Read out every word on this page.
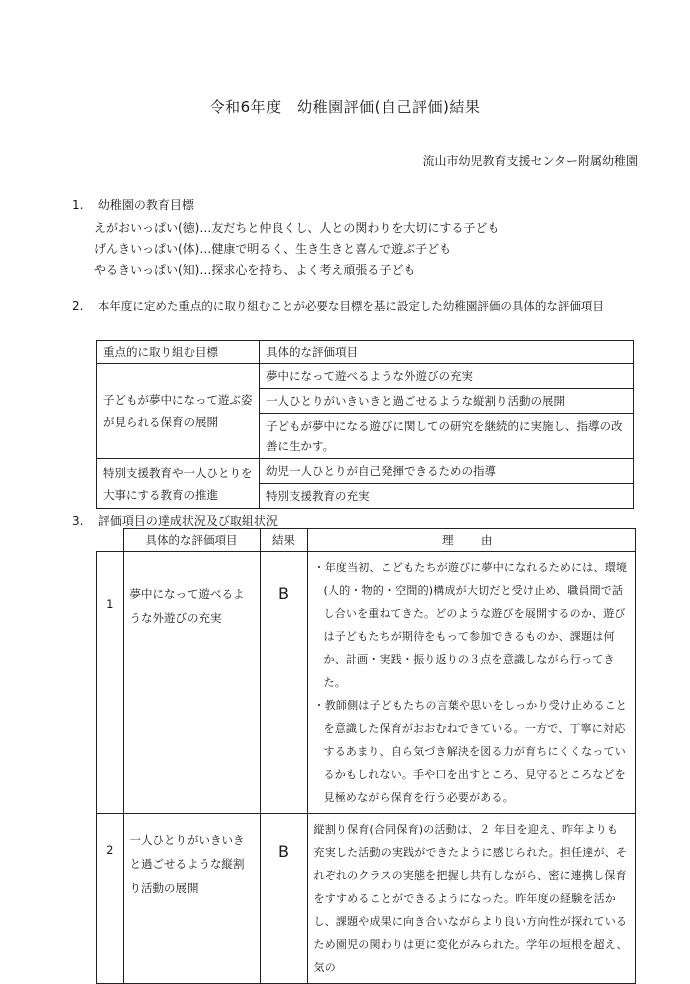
令和6年度　幼稚園評価(自己評価)結果
流山市幼児教育支援センター附属幼稚園
1. 幼稚園の教育目標
えがおいっぱい(徳)…友だちと仲良くし、人との関わりを大切にする子ども
げんきいっぱい(体)…健康で明るく、生き生きと喜んで遊ぶ子ども
やるきいっぱい(知)…探求心を持ち、よく考え頑張る子ども
2. 本年度に定めた重点的に取り組むことが必要な目標を基に設定した幼稚園評価の具体的な評価項目
重点的に取り組む目標	具体的な評価項目
子どもが夢中になって遊ぶ姿が見られる保育の展開	夢中になって遊べるような外遊びの充実
	一人ひとりがいきいきと過ごせるような縦割り活動の展開
	子どもが夢中になる遊びに関しての研究を継続的に実施し、指導の改善に生かす。
特別支援教育や一人ひとりを大事にする教育の推進	幼児一人ひとりが自己発揮できるための指導
	特別支援教育の充実
3. 評価項目の達成状況及び取組状況
	具体的な評価項目	結果	理　由
1	夢中になって遊べるような外遊びの充実	B	・年度当初、こどもたちが遊びに夢中になれるためには、環境(人的・物的・空間的)構成が大切だと受け止め、職員間で話し合いを重ねてきた。どのような遊びを展開するのか、遊びは子どもたちが期待をもって参加できるものか、課題は何か、計画・実践・振り返りの３点を意識しながら行ってきた。
・教師側は子どもたちの言葉や思いをしっかり受け止めることを意識した保育がおおむねできている。一方で、丁寧に対応するあまり、自ら気づき解決を図る力が育ちにくくなっているかもしれない。手や口を出すところ、見守るところなどを見極めながら保育を行う必要がある。

2	一人ひとりがいきいきと過ごせるような縦割り活動の展開	B	縦割り保育(合同保育)の活動は、２ 年目を迎え、昨年よりも充実した活動の実践ができたように感じられた。担任達が、それぞれのクラスの実態を把握し共有しながら、密に連携し保育をすすめることができるようになった。昨年度の経験を活かし、課題や成果に向き合いながらより良い方向性が探れているため園児の関わりは更に変化がみられた。学年の垣根を超え、気の
